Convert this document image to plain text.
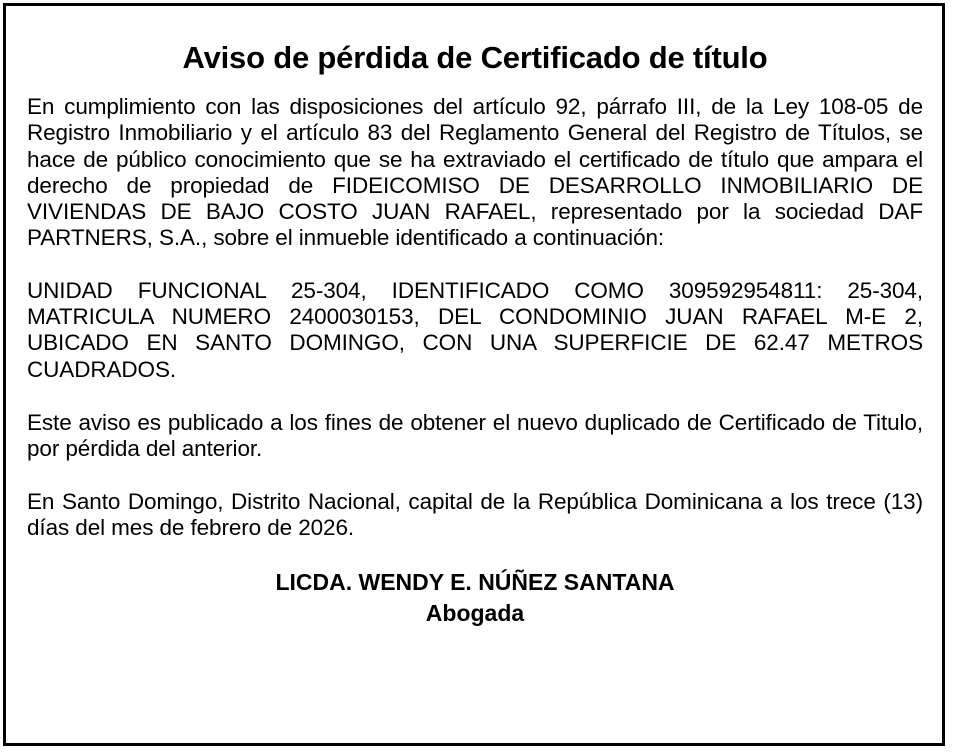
Aviso de pérdida de Certificado de título

En cumplimiento con las disposiciones del artículo 92, párrafo III, de la Ley 108-05 de Registro Inmobiliario y el artículo 83 del Reglamento General del Registro de Títulos, se hace de público conocimiento que se ha extraviado el certificado de título que ampara el derecho de propiedad de FIDEICOMISO DE DESARROLLO INMOBILIARIO DE VIVIENDAS DE BAJO COSTO JUAN RAFAEL, representado por la sociedad DAF PARTNERS, S.A., sobre el inmueble identificado a continuación:

UNIDAD FUNCIONAL 25-304, IDENTIFICADO COMO 309592954811: 25-304, MATRICULA NUMERO 2400030153, DEL CONDOMINIO JUAN RAFAEL M-E 2, UBICADO EN SANTO DOMINGO, CON UNA SUPERFICIE DE 62.47 METROS CUADRADOS.

Este aviso es publicado a los fines de obtener el nuevo duplicado de Certificado de Titulo, por pérdida del anterior.

En Santo Domingo, Distrito Nacional, capital de la República Dominicana a los trece (13) días del mes de febrero de 2026.

LICDA. WENDY E. NÚÑEZ SANTANA
Abogada
